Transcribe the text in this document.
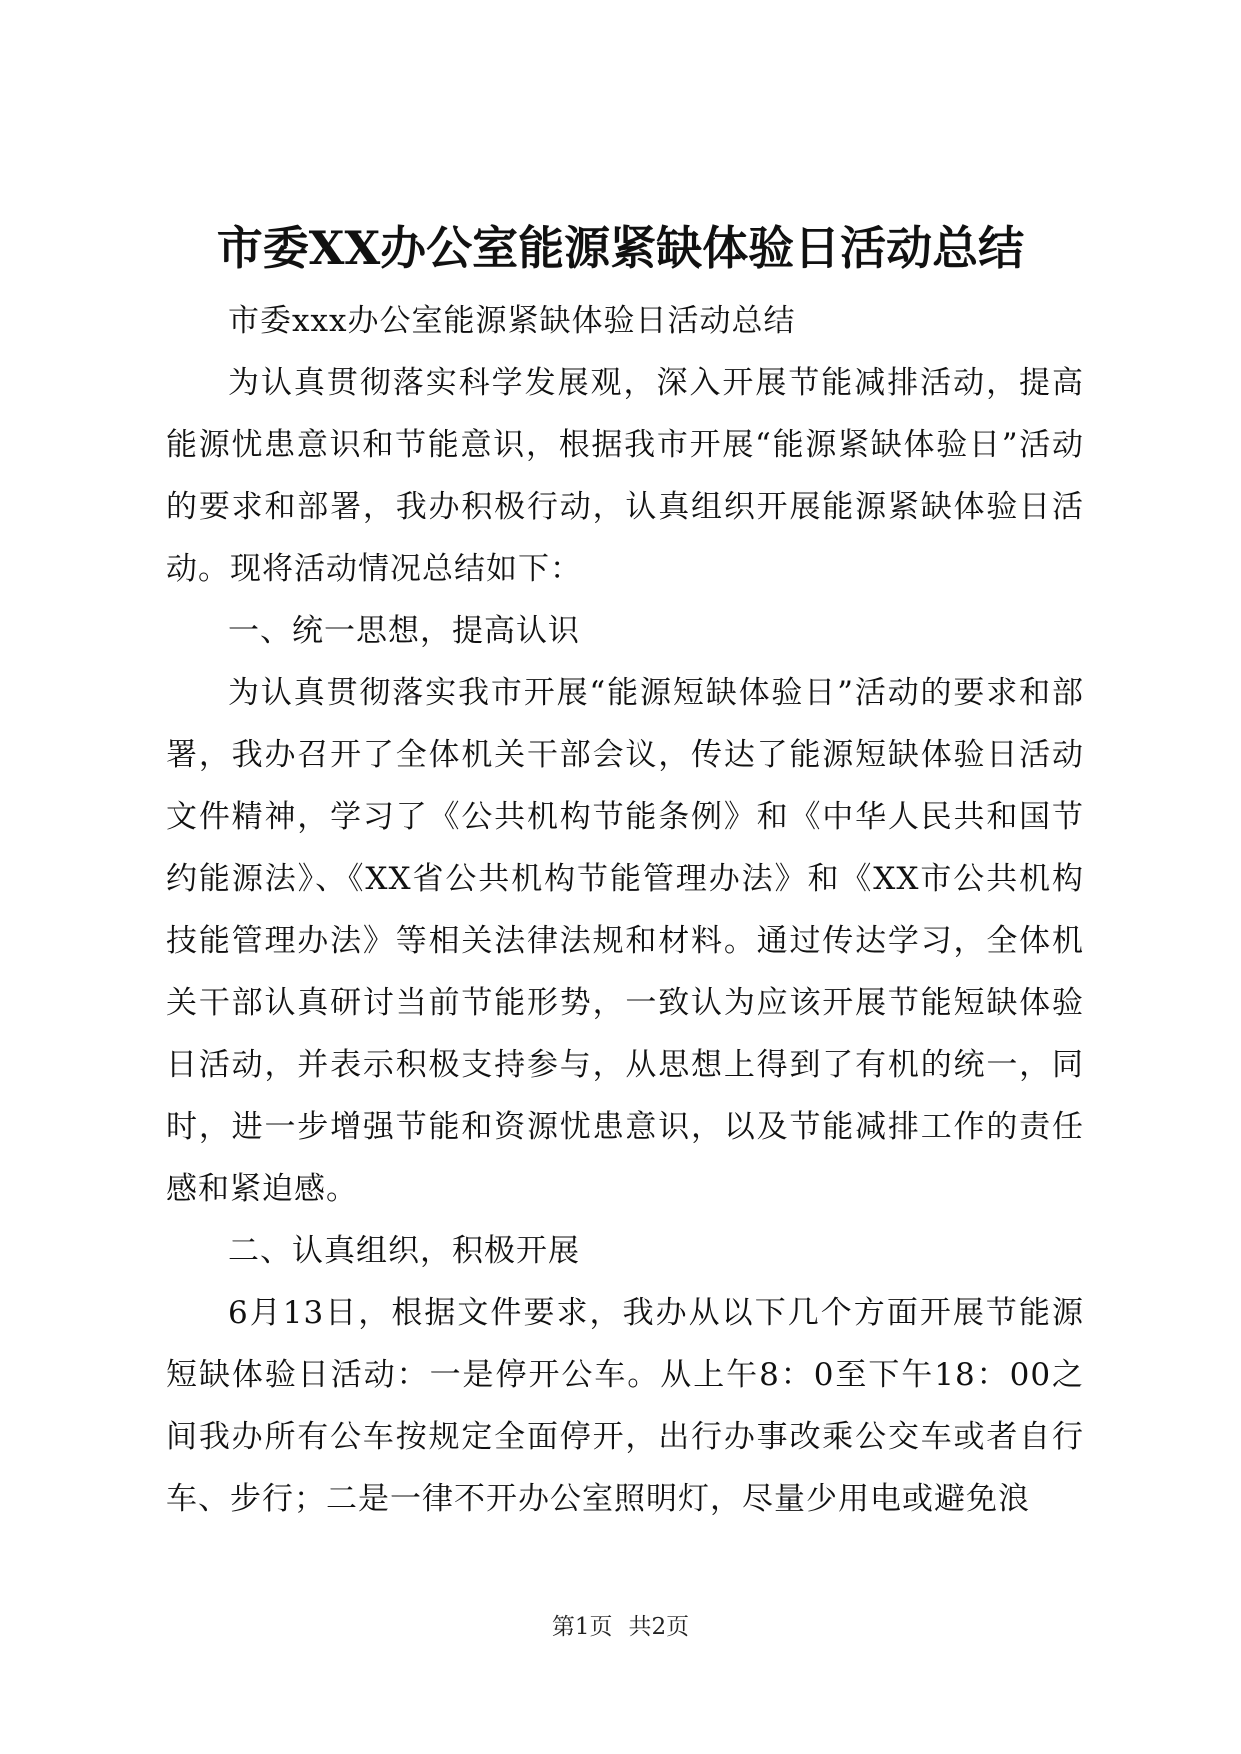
市委XX办公室能源紧缺体验日活动总结

市委xxx办公室能源紧缺体验日活动总结

为认真贯彻落实科学发展观，深入开展节能减排活动，提高能源忧患意识和节能意识，根据我市开展“能源紧缺体验日”活动的要求和部署，我办积极行动，认真组织开展能源紧缺体验日活动。现将活动情况总结如下：

一、统一思想，提高认识

为认真贯彻落实我市开展“能源短缺体验日”活动的要求和部署，我办召开了全体机关干部会议，传达了能源短缺体验日活动文件精神，学习了《公共机构节能条例》和《中华人民共和国节约能源法》、《XX省公共机构节能管理办法》和《XX市公共机构技能管理办法》等相关法律法规和材料。通过传达学习，全体机关干部认真研讨当前节能形势，一致认为应该开展节能短缺体验日活动，并表示积极支持参与，从思想上得到了有机的统一，同时，进一步增强节能和资源忧患意识，以及节能减排工作的责任感和紧迫感。

二、认真组织，积极开展

6月13日，根据文件要求，我办从以下几个方面开展节能源短缺体验日活动：一是停开公车。从上午8：0至下午18：00之间我办所有公车按规定全面停开，出行办事改乘公交车或者自行车、步行；二是一律不开办公室照明灯，尽量少用电或避免浪

第1页 共2页
